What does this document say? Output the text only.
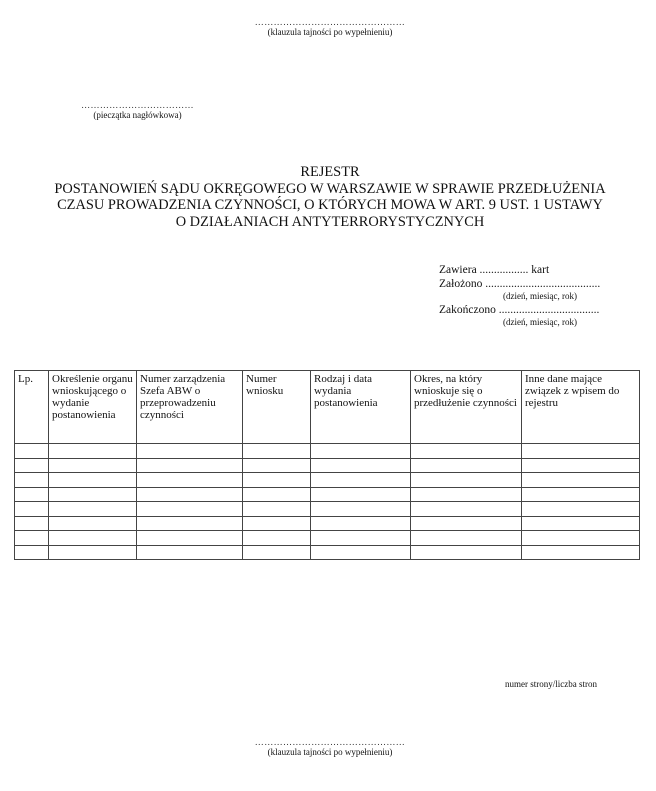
…………………………………………
(klauzula tajności po wypełnieniu)
………………………………
(pieczątka nagłówkowa)
REJESTR
POSTANOWIEŃ SĄDU OKRĘGOWEGO W WARSZAWIE W SPRAWIE PRZEDŁUŻENIA
CZASU PROWADZENIA CZYNNOŚCI, O KTÓRYCH MOWA W ART. 9 UST. 1 USTAWY
O DZIAŁANIACH ANTYTERRORYSTYCZNYCH
Zawiera ................. kart
Założono ........................................
(dzień, miesiąc, rok)
Zakończono ...................................
(dzień, miesiąc, rok)
Lp.	Określenie organu wnioskującego o wydanie postanowienia	Numer zarządzenia Szefa ABW o przeprowadzeniu czynności	Numer wniosku	Rodzaj i data wydania postanowienia	Okres, na który wnioskuje się o przedłużenie czynności	Inne dane mające związek z wpisem do rejestru

numer strony/liczba stron
…………………………………………
(klauzula tajności po wypełnieniu)
